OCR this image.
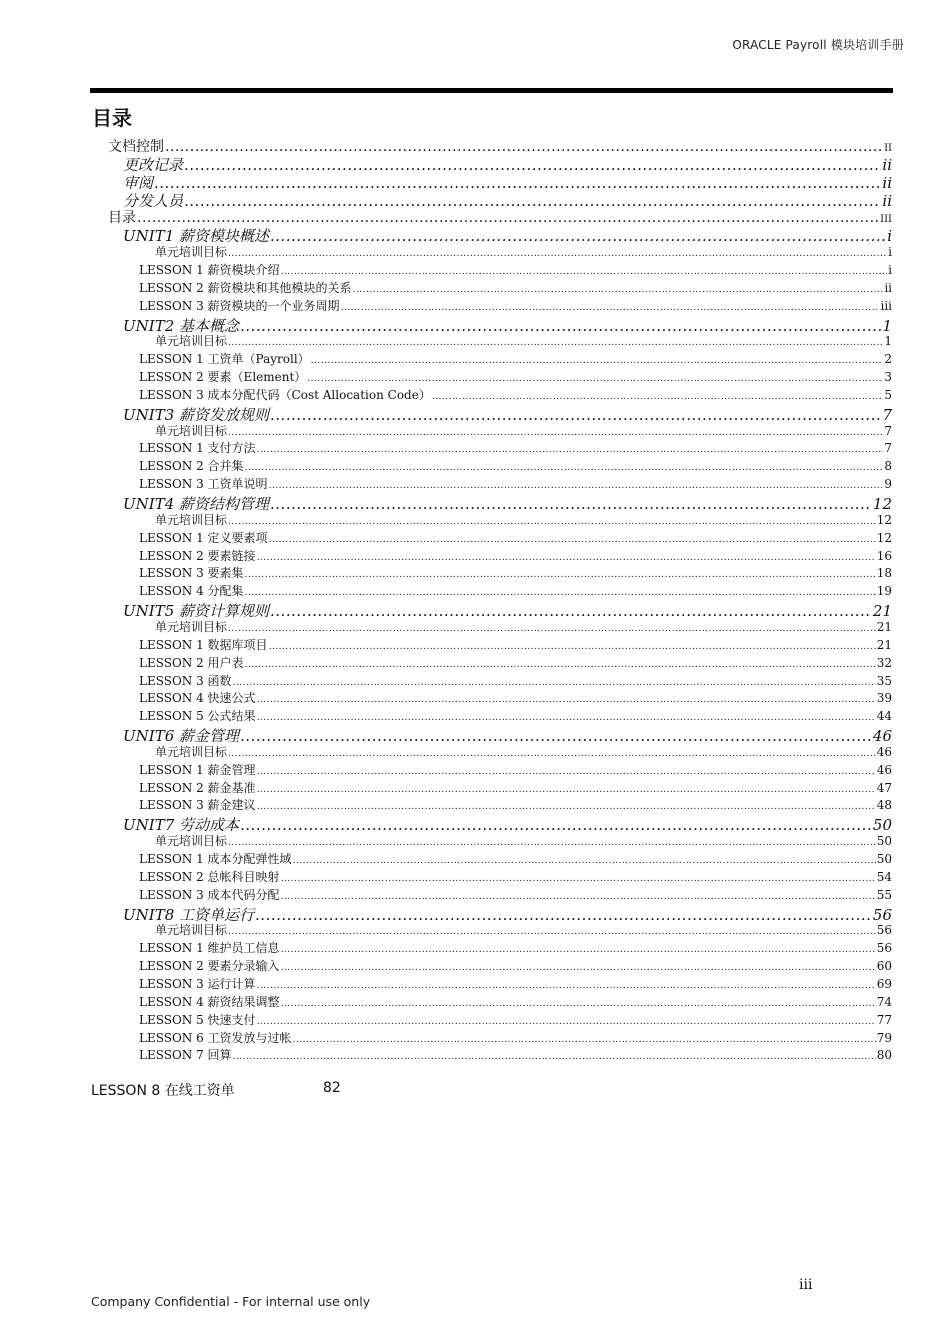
ORACLE Payroll 模块培训手册
目录
文档控制 .....	II
更改记录 .....	ii
审阅 .....	ii
分发人员 .....	ii
目录 .....	III
UNIT1 薪资模块概述 .....	i
单元培训目标 .....	i
LESSON 1 薪资模块介绍 .....	i
LESSON 2 薪资模块和其他模块的关系 .....	ii
LESSON 3 薪资模块的一个业务周期 .....	iii
UNIT2 基本概念 .....	1
单元培训目标 .....	1
LESSON 1 工资单（Payroll） .....	2
LESSON 2 要素（Element） .....	3
LESSON 3 成本分配代码（Cost Allocation Code） .....	5
UNIT3 薪资发放规则 .....	7
单元培训目标 .....	7
LESSON 1 支付方法 .....	7
LESSON 2 合并集 .....	8
LESSON 3 工资单说明 .....	9
UNIT4 薪资结构管理 .....	12
单元培训目标 .....	12
LESSON 1 定义要素项 .....	12
LESSON 2 要素链接 .....	16
LESSON 3 要素集 .....	18
LESSON 4 分配集 .....	19
UNIT5 薪资计算规则 .....	21
单元培训目标 .....	21
LESSON 1 数据库项目 .....	21
LESSON 2 用户表 .....	32
LESSON 3 函数 .....	35
LESSON 4 快速公式 .....	39
LESSON 5 公式结果 .....	44
UNIT6 薪金管理 .....	46
单元培训目标 .....	46
LESSON 1 薪金管理 .....	46
LESSON 2 薪金基准 .....	47
LESSON 3 薪金建议 .....	48
UNIT7 劳动成本 .....	50
单元培训目标 .....	50
LESSON 1 成本分配弹性域 .....	50
LESSON 2 总帐科目映射 .....	54
LESSON 3 成本代码分配 .....	55
UNIT8 工资单运行 .....	56
单元培训目标 .....	56
LESSON 1 维护员工信息 .....	56
LESSON 2 要素分录输入 .....	60
LESSON 3 运行计算 .....	69
LESSON 4 薪资结果调整 .....	74
LESSON 5 快速支付 .....	77
LESSON 6 工资发放与过帐 .....	79
LESSON 7 回算 .....	80
LESSON 8 在线工资单	82
iii
Company Confidential - For internal use only
